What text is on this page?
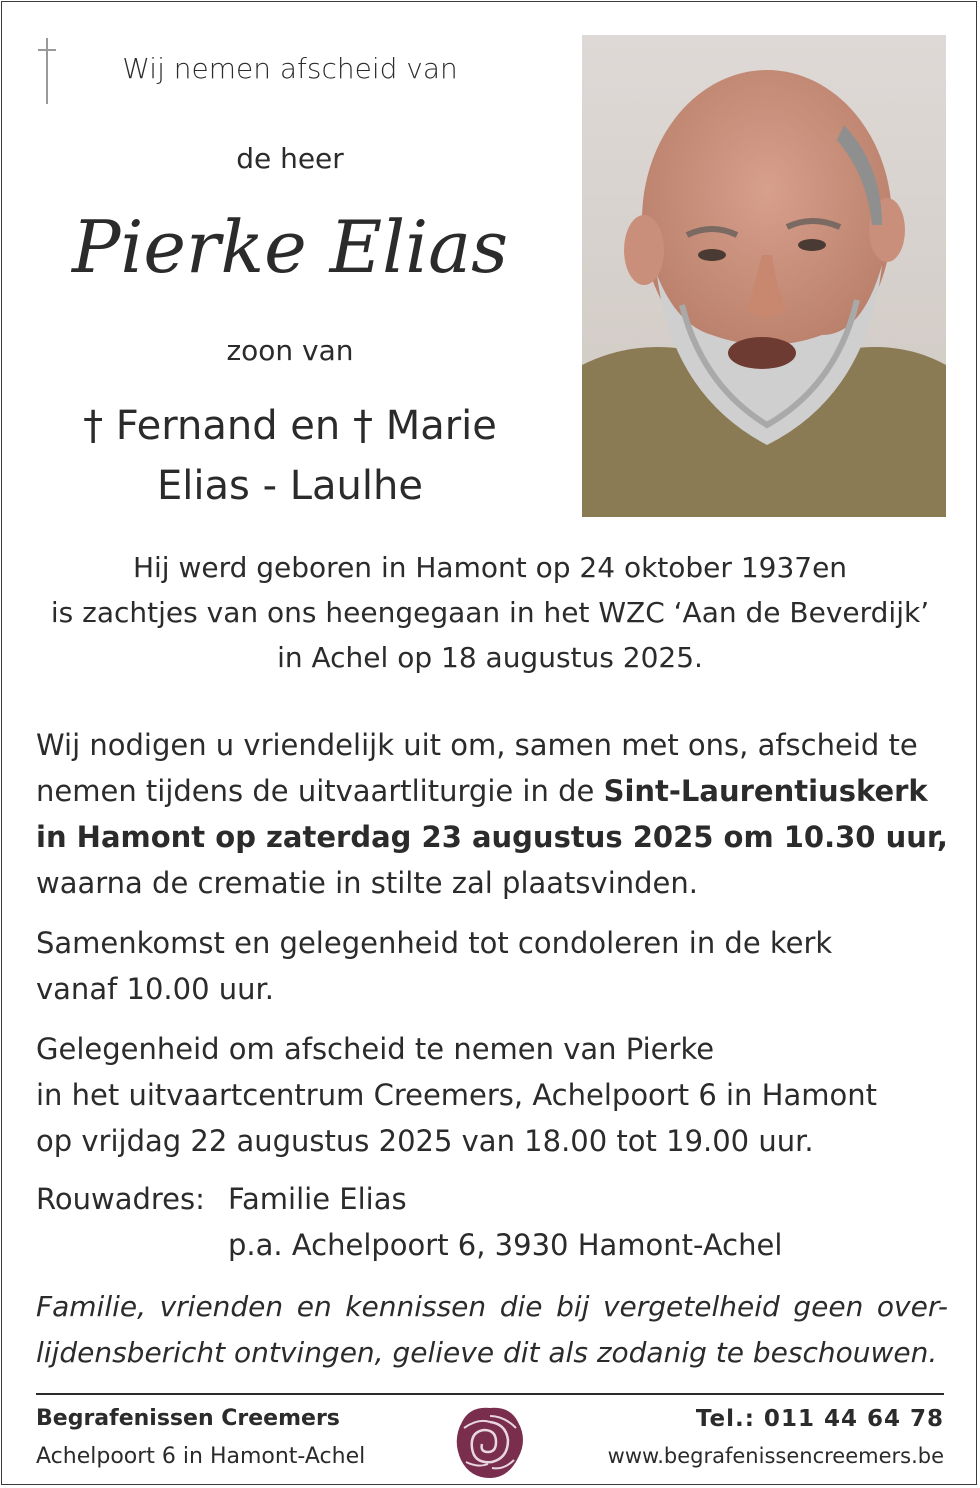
Wij nemen afscheid van
de heer
Pierke Elias
zoon van
† Fernand en † Marie
Elias - Laulhe
Hij werd geboren in Hamont op 24 oktober 1937en
is zachtjes van ons heengegaan in het WZC ‘Aan de Beverdijk’
in Achel op 18 augustus 2025.
Wij nodigen u vriendelijk uit om, samen met ons, afscheid te
nemen tijdens de uitvaartliturgie in de Sint-Laurentiuskerk
in Hamont op zaterdag 23 augustus 2025 om 10.30 uur,
waarna de crematie in stilte zal plaatsvinden.
Samenkomst en gelegenheid tot condoleren in de kerk
vanaf 10.00 uur.
Gelegenheid om afscheid te nemen van Pierke
in het uitvaartcentrum Creemers, Achelpoort 6 in Hamont
op vrijdag 22 augustus 2025 van 18.00 tot 19.00 uur.
Rouwadres: Familie Elias
p.a. Achelpoort 6, 3930 Hamont-Achel
Familie, vrienden en kennissen die bij vergetelheid geen over-
lijdensbericht ontvingen, gelieve dit als zodanig te beschouwen.
Begrafenissen Creemers
Achelpoort 6 in Hamont-Achel
Tel.: 011 44 64 78
www.begrafenissencreemers.be
